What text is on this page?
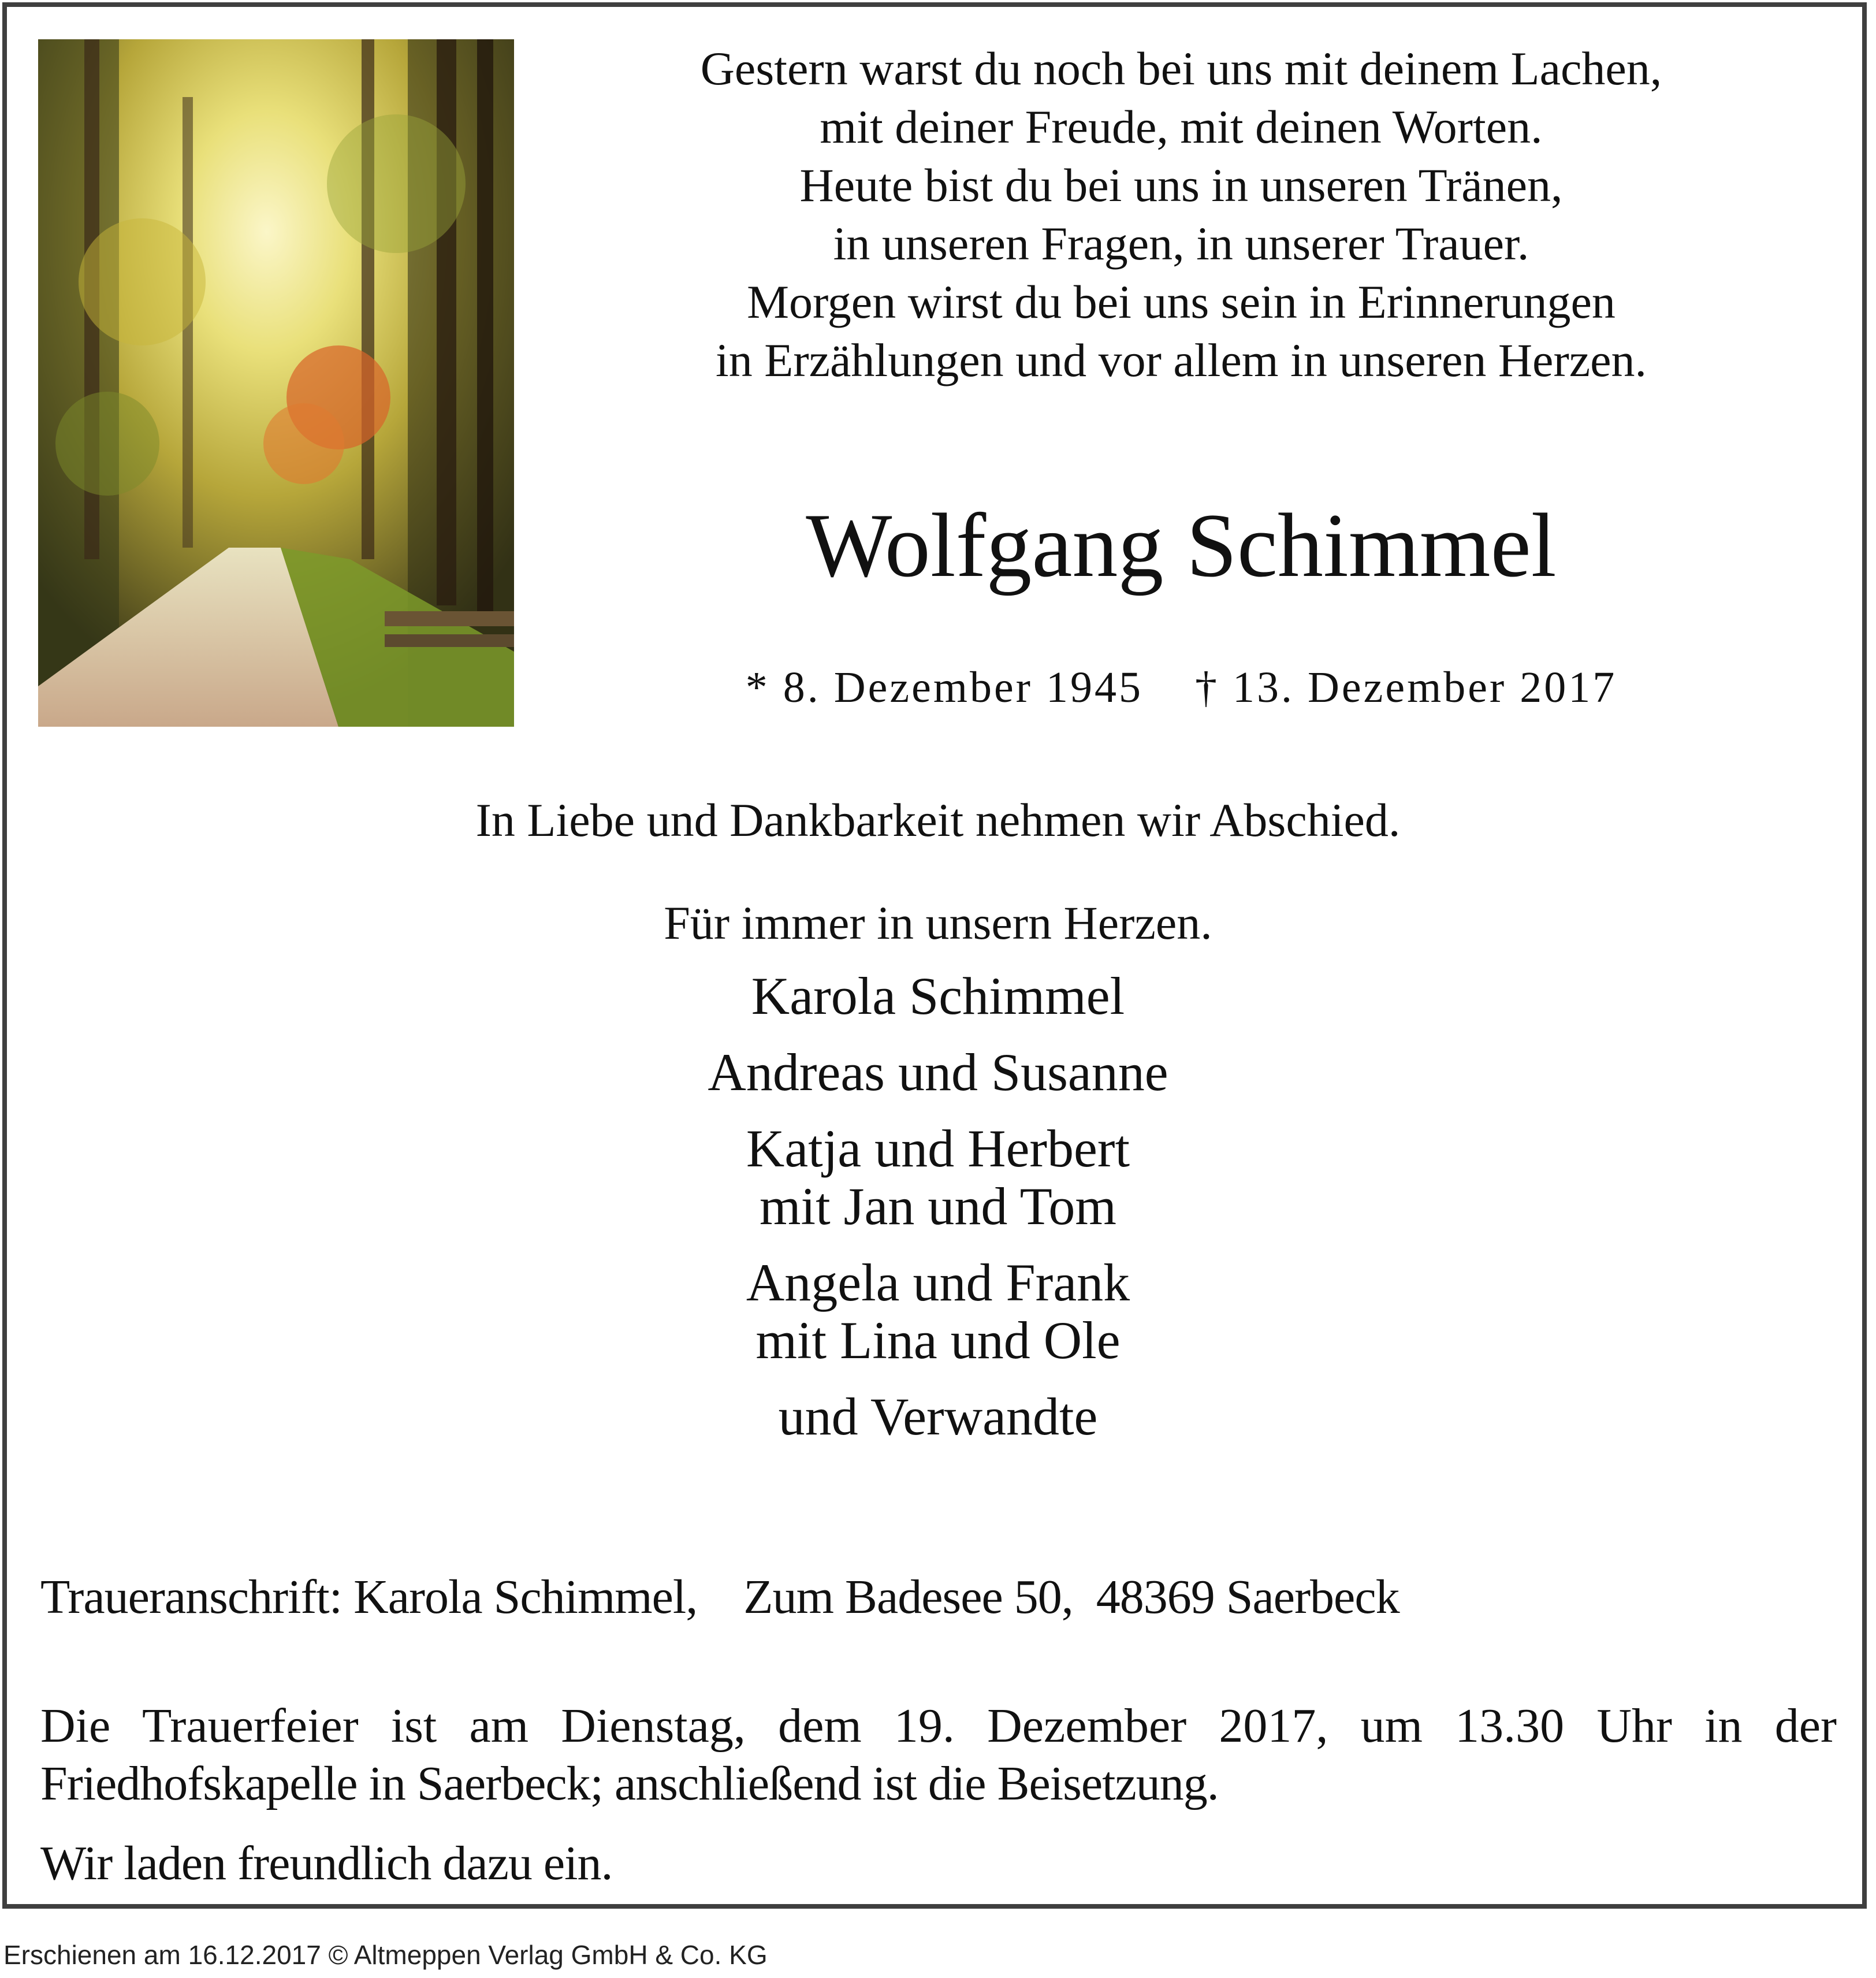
Gestern warst du noch bei uns mit deinem Lachen,
mit deiner Freude, mit deinen Worten.
Heute bist du bei uns in unseren Tränen,
in unseren Fragen, in unserer Trauer.
Morgen wirst du bei uns sein in Erinnerungen
in Erzählungen und vor allem in unseren Herzen.
Wolfgang Schimmel
* 8. Dezember 1945 † 13. Dezember 2017
In Liebe und Dankbarkeit nehmen wir Abschied.
Für immer in unsern Herzen.
Karola Schimmel
Andreas und Susanne
Katja und Herbert
mit Jan und Tom
Angela und Frank
mit Lina und Ole
und Verwandte
Traueranschrift: Karola Schimmel, Zum Badesee 50, 48369 Saerbeck
Die Trauerfeier ist am Dienstag, dem 19. Dezember 2017, um 13.30 Uhr in der
Friedhofskapelle in Saerbeck; anschließend ist die Beisetzung.
Wir laden freundlich dazu ein.
Erschienen am 16.12.2017 © Altmeppen Verlag GmbH & Co. KG
